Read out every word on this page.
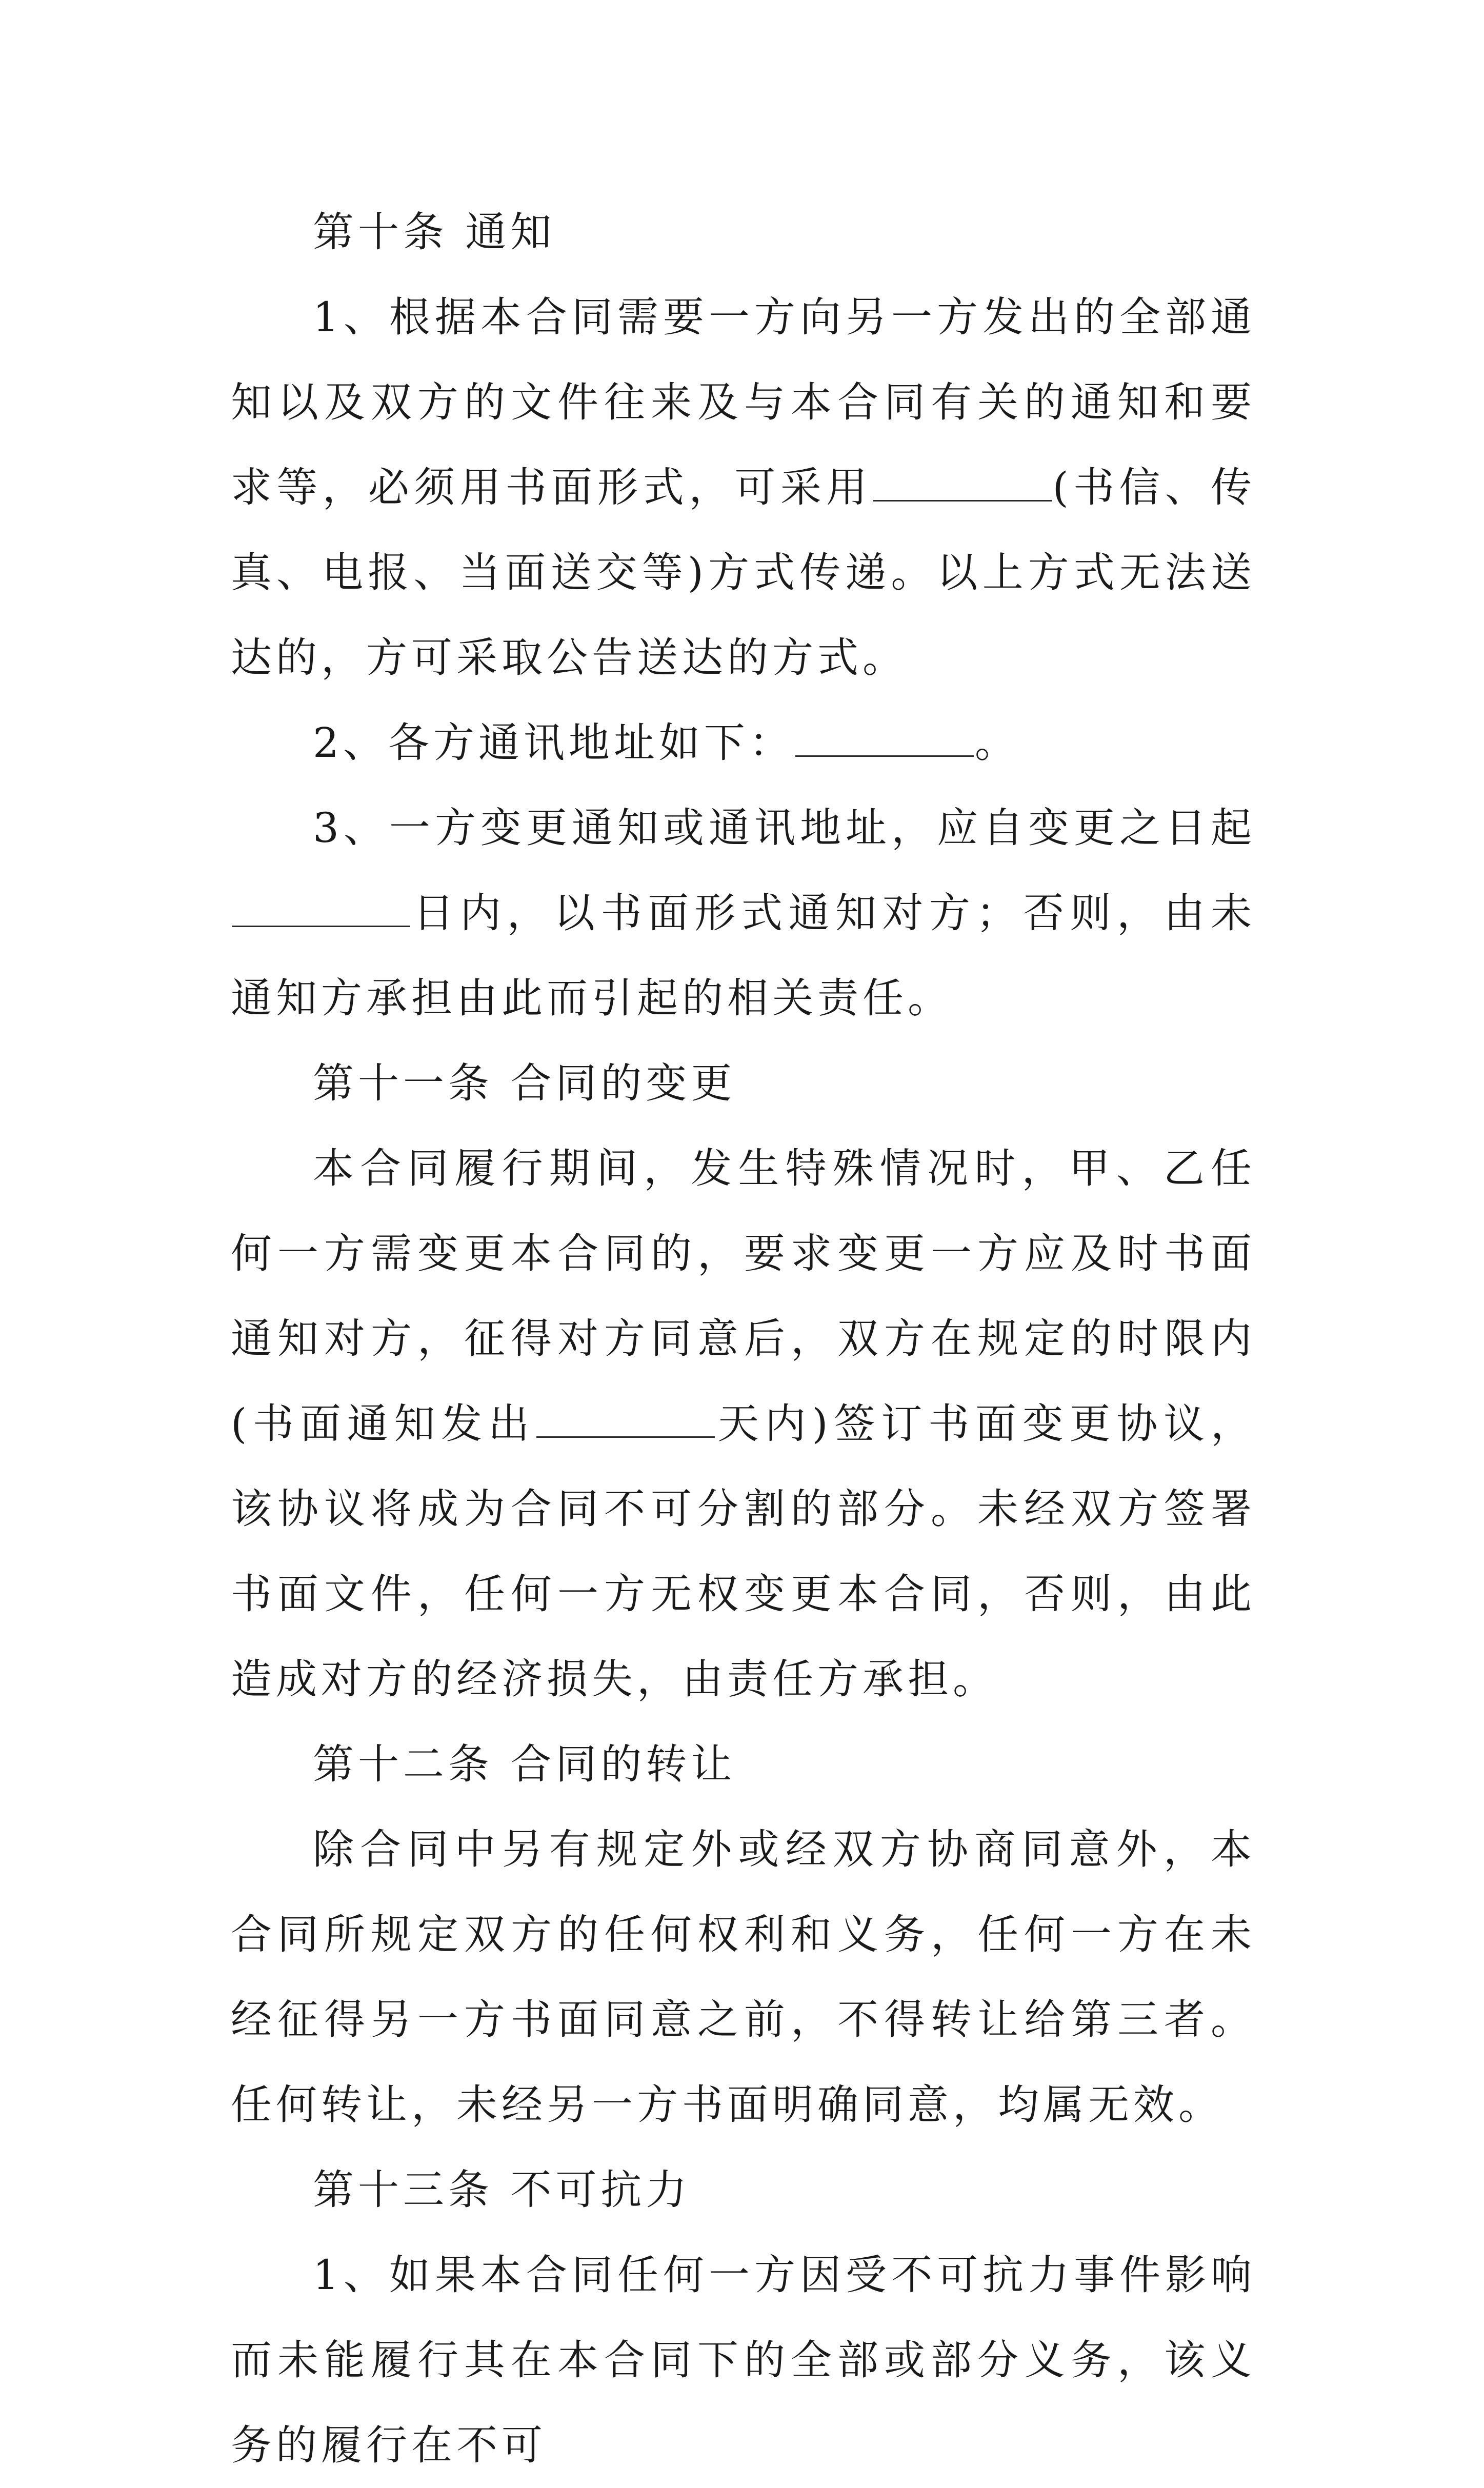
第十条 通知

1、根据本合同需要一方向另一方发出的全部通知以及双方的文件往来及与本合同有关的通知和要求等，必须用书面形式，可采用	(书信、传真、电报、当面送交等)方式传递。以上方式无法送达的，方可采取公告送达的方式。

2、各方通讯地址如下：	。

3、一方变更通知或通讯地址，应自变更之日起日内，以书面形式通知对方；否则，由未通知方承担由此而引起的相关责任。

第十一条 合同的变更

本合同履行期间，发生特殊情况时，甲、乙任何一方需变更本合同的，要求变更一方应及时书面通知对方，征得对方同意后，双方在规定的时限内(书面通知发出	天内)签订书面变更协议，该协议将成为合同不可分割的部分。未经双方签署书面文件，任何一方无权变更本合同，否则，由此造成对方的经济损失，由责任方承担。

第十二条 合同的转让

除合同中另有规定外或经双方协商同意外，本合同所规定双方的任何权利和义务，任何一方在未经征得另一方书面同意之前，不得转让给第三者。任何转让，未经另一方书面明确同意，均属无效。

第十三条 不可抗力

1、如果本合同任何一方因受不可抗力事件影响而未能履行其在本合同下的全部或部分义务，该义务的履行在不可
